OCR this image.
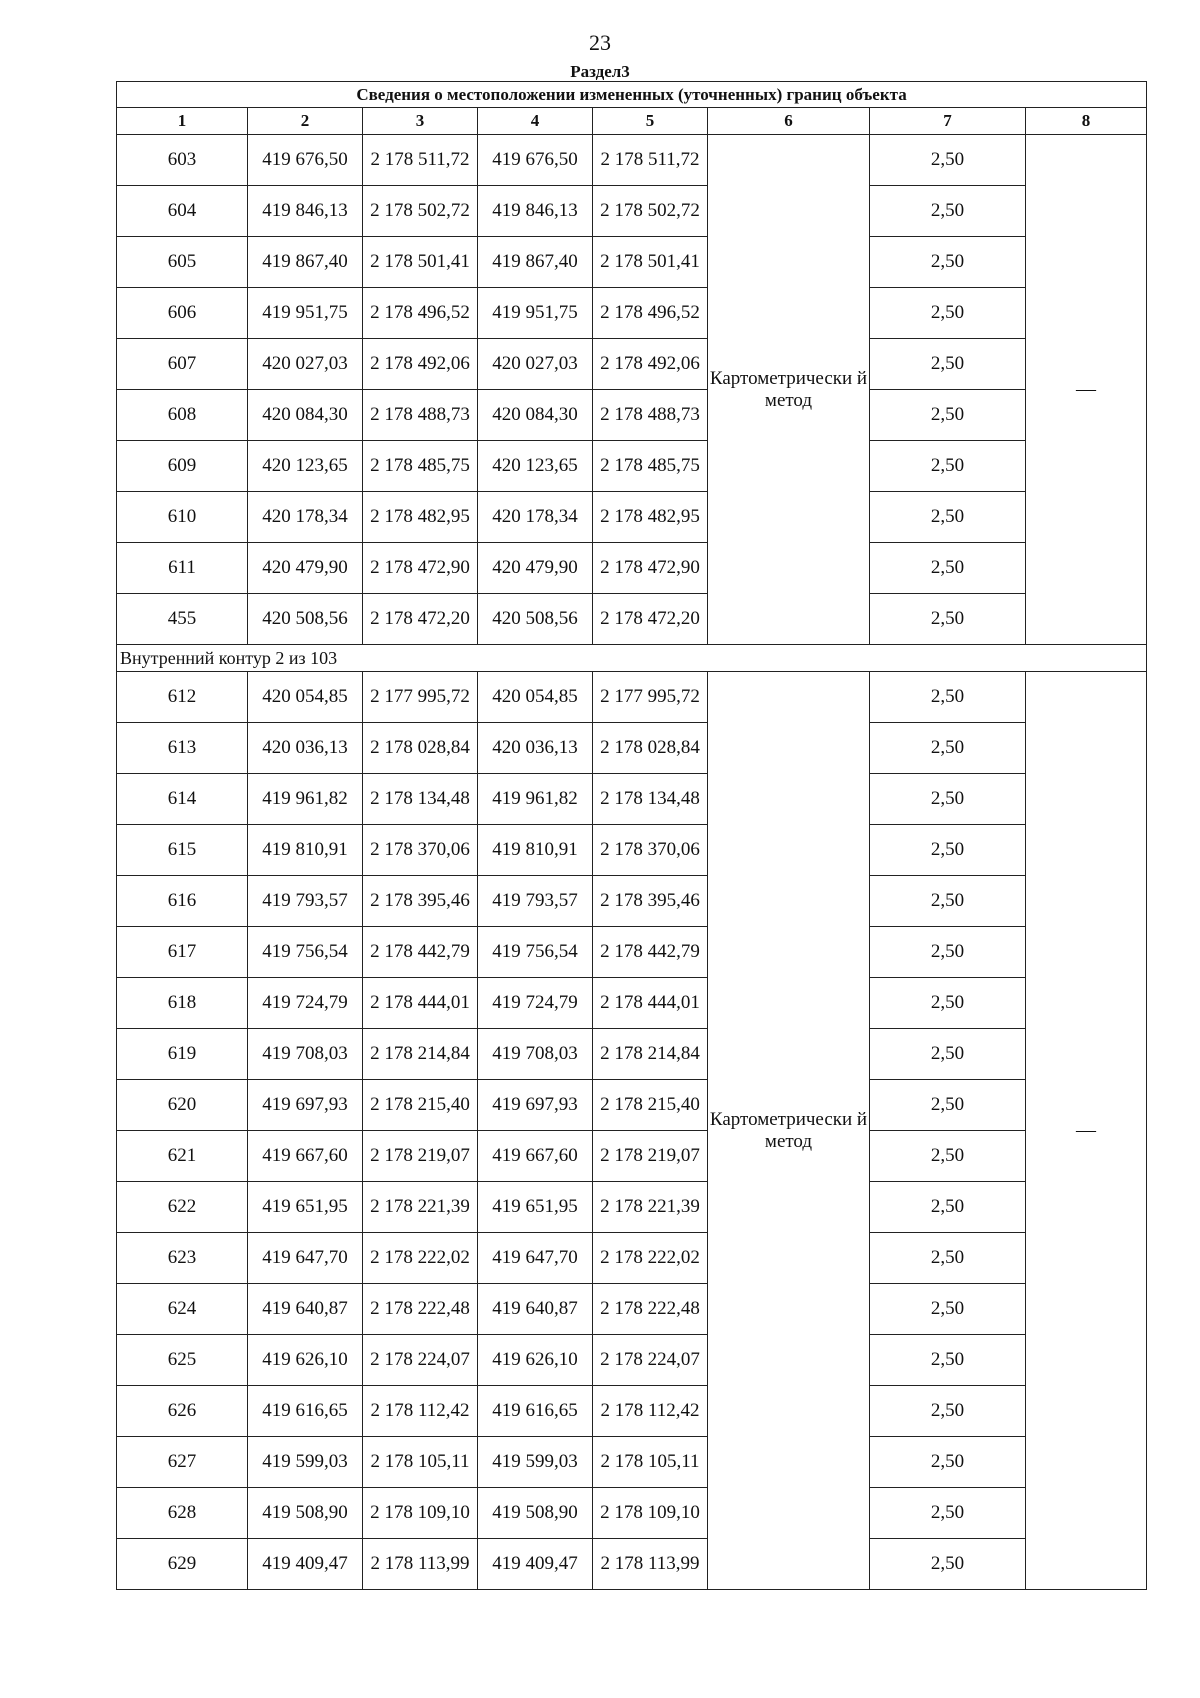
23
Раздел3
Сведения о местоположении измененных (уточненных) границ объекта							
1	2	3	4	5	6	7	8
603	419 676,50	2 178 511,72	419 676,50	2 178 511,72	Картометрически й метод	2,50	—
604	419 846,13	2 178 502,72	419 846,13	2 178 502,72		2,50	
605	419 867,40	2 178 501,41	419 867,40	2 178 501,41		2,50	
606	419 951,75	2 178 496,52	419 951,75	2 178 496,52		2,50	
607	420 027,03	2 178 492,06	420 027,03	2 178 492,06		2,50	
608	420 084,30	2 178 488,73	420 084,30	2 178 488,73		2,50	
609	420 123,65	2 178 485,75	420 123,65	2 178 485,75		2,50	
610	420 178,34	2 178 482,95	420 178,34	2 178 482,95		2,50	
611	420 479,90	2 178 472,90	420 479,90	2 178 472,90		2,50	
455	420 508,56	2 178 472,20	420 508,56	2 178 472,20		2,50	
Внутренний контур 2 из 103							
612	420 054,85	2 177 995,72	420 054,85	2 177 995,72	Картометрически й метод	2,50	—
613	420 036,13	2 178 028,84	420 036,13	2 178 028,84		2,50	
614	419 961,82	2 178 134,48	419 961,82	2 178 134,48		2,50	
615	419 810,91	2 178 370,06	419 810,91	2 178 370,06		2,50	
616	419 793,57	2 178 395,46	419 793,57	2 178 395,46		2,50	
617	419 756,54	2 178 442,79	419 756,54	2 178 442,79		2,50	
618	419 724,79	2 178 444,01	419 724,79	2 178 444,01		2,50	
619	419 708,03	2 178 214,84	419 708,03	2 178 214,84		2,50	
620	419 697,93	2 178 215,40	419 697,93	2 178 215,40		2,50	
621	419 667,60	2 178 219,07	419 667,60	2 178 219,07		2,50	
622	419 651,95	2 178 221,39	419 651,95	2 178 221,39		2,50	
623	419 647,70	2 178 222,02	419 647,70	2 178 222,02		2,50	
624	419 640,87	2 178 222,48	419 640,87	2 178 222,48		2,50	
625	419 626,10	2 178 224,07	419 626,10	2 178 224,07		2,50	
626	419 616,65	2 178 112,42	419 616,65	2 178 112,42		2,50	
627	419 599,03	2 178 105,11	419 599,03	2 178 105,11		2,50	
628	419 508,90	2 178 109,10	419 508,90	2 178 109,10		2,50	
629	419 409,47	2 178 113,99	419 409,47	2 178 113,99		2,50	
